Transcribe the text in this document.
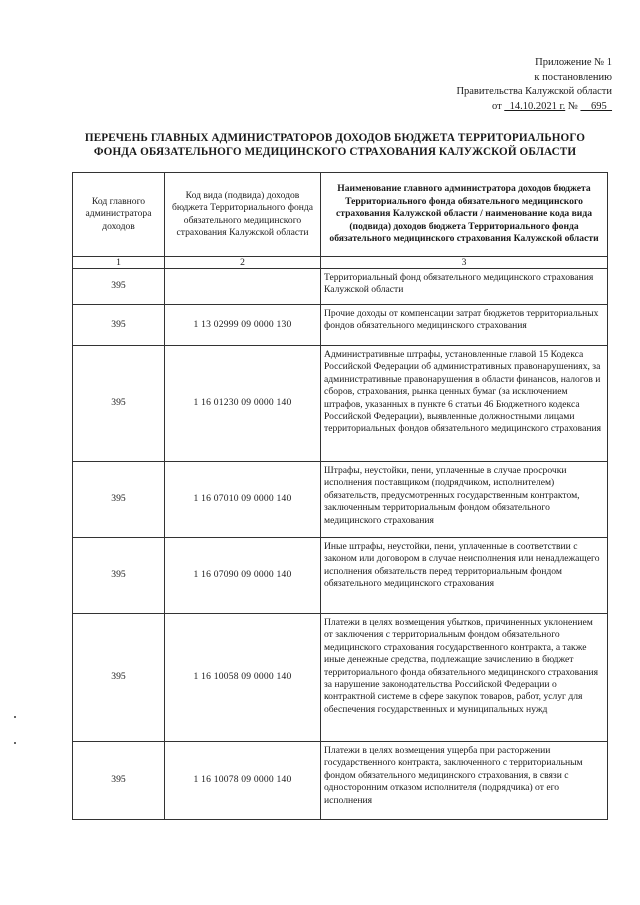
Приложение № 1
к постановлению
Правительства Калужской области
от _14.10.2021 г. № __695_
ПЕРЕЧЕНЬ ГЛАВНЫХ АДМИНИСТРАТОРОВ ДОХОДОВ БЮДЖЕТА ТЕРРИТОРИАЛЬНОГО
ФОНДА ОБЯЗАТЕЛЬНОГО МЕДИЦИНСКОГО СТРАХОВАНИЯ КАЛУЖСКОЙ ОБЛАСТИ
Код главного администратора доходов	Код вида (подвида) доходов бюджета Территориального фонда обязательного медицинского страхования Калужской области	Наименование главного администратора доходов бюджета Территориального фонда обязательного медицинского страхования Калужской области / наименование кода вида (подвида) доходов бюджета Территориального фонда обязательного медицинского страхования Калужской области
1	2	3
395		Территориальный фонд обязательного медицинского страхования Калужской области
395	1 13 02999 09 0000 130	Прочие доходы от компенсации затрат бюджетов территориальных фондов обязательного медицинского страхования
395	1 16 01230 09 0000 140	Административные штрафы, установленные главой 15 Кодекса Российской Федерации об административных правонарушениях, за административные правонарушения в области финансов, налогов и сборов, страхования, рынка ценных бумаг (за исключением штрафов, указанных в пункте 6 статьи 46 Бюджетного кодекса Российской Федерации), выявленные должностными лицами территориальных фондов обязательного медицинского страхования
395	1 16 07010 09 0000 140	Штрафы, неустойки, пени, уплаченные в случае просрочки исполнения поставщиком (подрядчиком, исполнителем) обязательств, предусмотренных государственным контрактом, заключенным территориальным фондом обязательного медицинского страхования
395	1 16 07090 09 0000 140	Иные штрафы, неустойки, пени, уплаченные в соответствии с законом или договором в случае неисполнения или ненадлежащего исполнения обязательств перед территориальным фондом обязательного медицинского страхования
395	1 16 10058 09 0000 140	Платежи в целях возмещения убытков, причиненных уклонением от заключения с территориальным фондом обязательного медицинского страхования государственного контракта, а также иные денежные средства, подлежащие зачислению в бюджет территориального фонда обязательного медицинского страхования за нарушение законодательства Российской Федерации о контрактной системе в сфере закупок товаров, работ, услуг для обеспечения государственных и муниципальных нужд
395	1 16 10078 09 0000 140	Платежи в целях возмещения ущерба при расторжении государственного контракта, заключенного с территориальным фондом обязательного медицинского страхования, в связи с односторонним отказом исполнителя (подрядчика) от его исполнения
